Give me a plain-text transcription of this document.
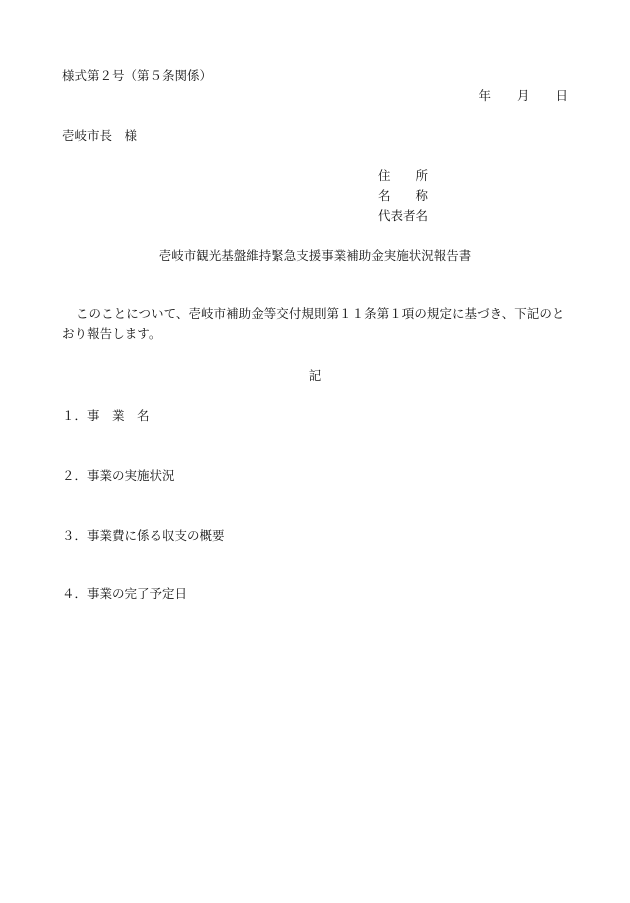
様式第２号（第５条関係）
年 月 日
壱岐市長　様
住　　所
名　　称
代表者名
壱岐市観光基盤維持緊急支援事業補助金実施状況報告書
このことについて、壱岐市補助金等交付規則第１１条第１項の規定に基づき、下記のとおり報告します。
記
１．事　業　名
２．事業の実施状況
３．事業費に係る収支の概要
４．事業の完了予定日
